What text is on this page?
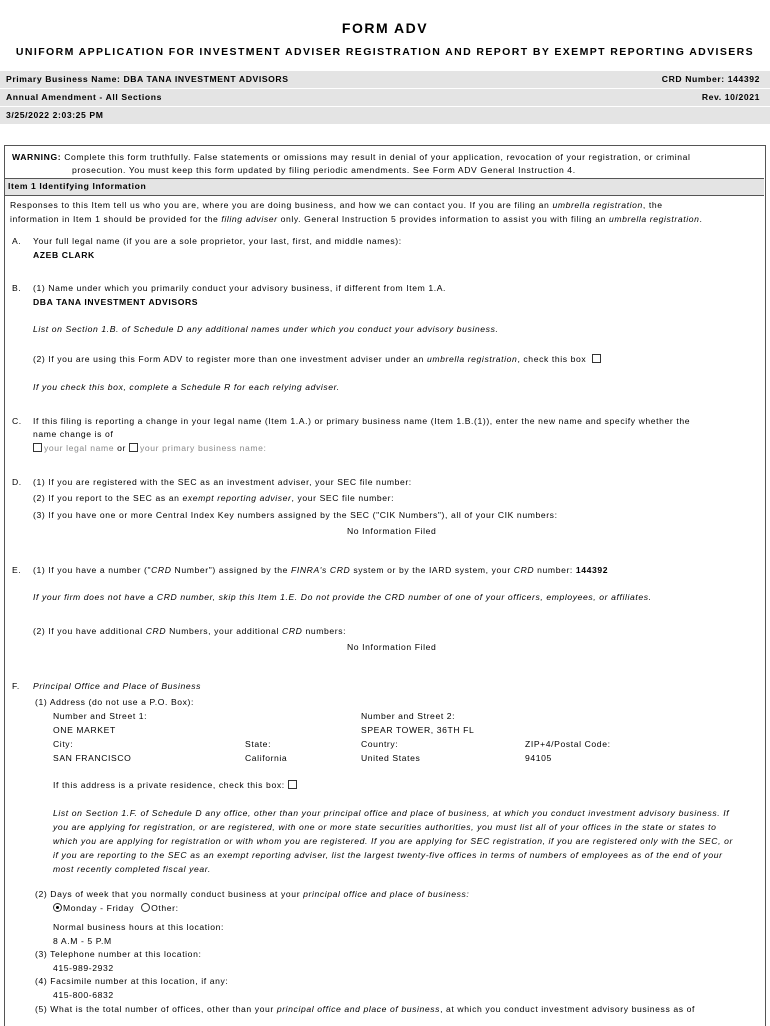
FORM ADV
UNIFORM APPLICATION FOR INVESTMENT ADVISER REGISTRATION AND REPORT BY EXEMPT REPORTING ADVISERS
Primary Business Name: DBA TANA INVESTMENT ADVISORS	CRD Number: 144392
Annual Amendment - All Sections	Rev. 10/2021
3/25/2022 2:03:25 PM
WARNING: Complete this form truthfully. False statements or omissions may result in denial of your application, revocation of your registration, or criminal
prosecution. You must keep this form updated by filing periodic amendments. See Form ADV General Instruction 4.
Item 1 Identifying Information
Responses to this Item tell us who you are, where you are doing business, and how we can contact you. If you are filing an umbrella registration, the
information in Item 1 should be provided for the filing adviser only. General Instruction 5 provides information to assist you with filing an umbrella registration.
A. Your full legal name (if you are a sole proprietor, your last, first, and middle names):
AZEB CLARK
B. (1) Name under which you primarily conduct your advisory business, if different from Item 1.A.
DBA TANA INVESTMENT ADVISORS
List on Section 1.B. of Schedule D any additional names under which you conduct your advisory business.
(2) If you are using this Form ADV to register more than one investment adviser under an umbrella registration, check this box
If you check this box, complete a Schedule R for each relying adviser.
C. If this filing is reporting a change in your legal name (Item 1.A.) or primary business name (Item 1.B.(1)), enter the new name and specify whether the
name change is of
your legal name or your primary business name:
D. (1) If you are registered with the SEC as an investment adviser, your SEC file number:
(2) If you report to the SEC as an exempt reporting adviser, your SEC file number:
(3) If you have one or more Central Index Key numbers assigned by the SEC ("CIK Numbers"), all of your CIK numbers:
No Information Filed
E. (1) If you have a number ("CRD Number") assigned by the FINRA's CRD system or by the IARD system, your CRD number: 144392
If your firm does not have a CRD number, skip this Item 1.E. Do not provide the CRD number of one of your officers, employees, or affiliates.
(2) If you have additional CRD Numbers, your additional CRD numbers:
No Information Filed
F. Principal Office and Place of Business
(1) Address (do not use a P.O. Box):
Number and Street 1:	Number and Street 2:
ONE MARKET	SPEAR TOWER, 36TH FL
City:	State:	Country:	ZIP+4/Postal Code:
SAN FRANCISCO	California	United States	94105
If this address is a private residence, check this box:
List on Section 1.F. of Schedule D any office, other than your principal office and place of business, at which you conduct investment advisory business. If
you are applying for registration, or are registered, with one or more state securities authorities, you must list all of your offices in the state or states to
which you are applying for registration or with whom you are registered. If you are applying for SEC registration, if you are registered only with the SEC, or
if you are reporting to the SEC as an exempt reporting adviser, list the largest twenty-five offices in terms of numbers of employees as of the end of your
most recently completed fiscal year.
(2) Days of week that you normally conduct business at your principal office and place of business:
Monday - Friday Other:
Normal business hours at this location:
8 A.M - 5 P.M
(3) Telephone number at this location:
415-989-2932
(4) Facsimile number at this location, if any:
415-800-6832
(5) What is the total number of offices, other than your principal office and place of business, at which you conduct investment advisory business as of
